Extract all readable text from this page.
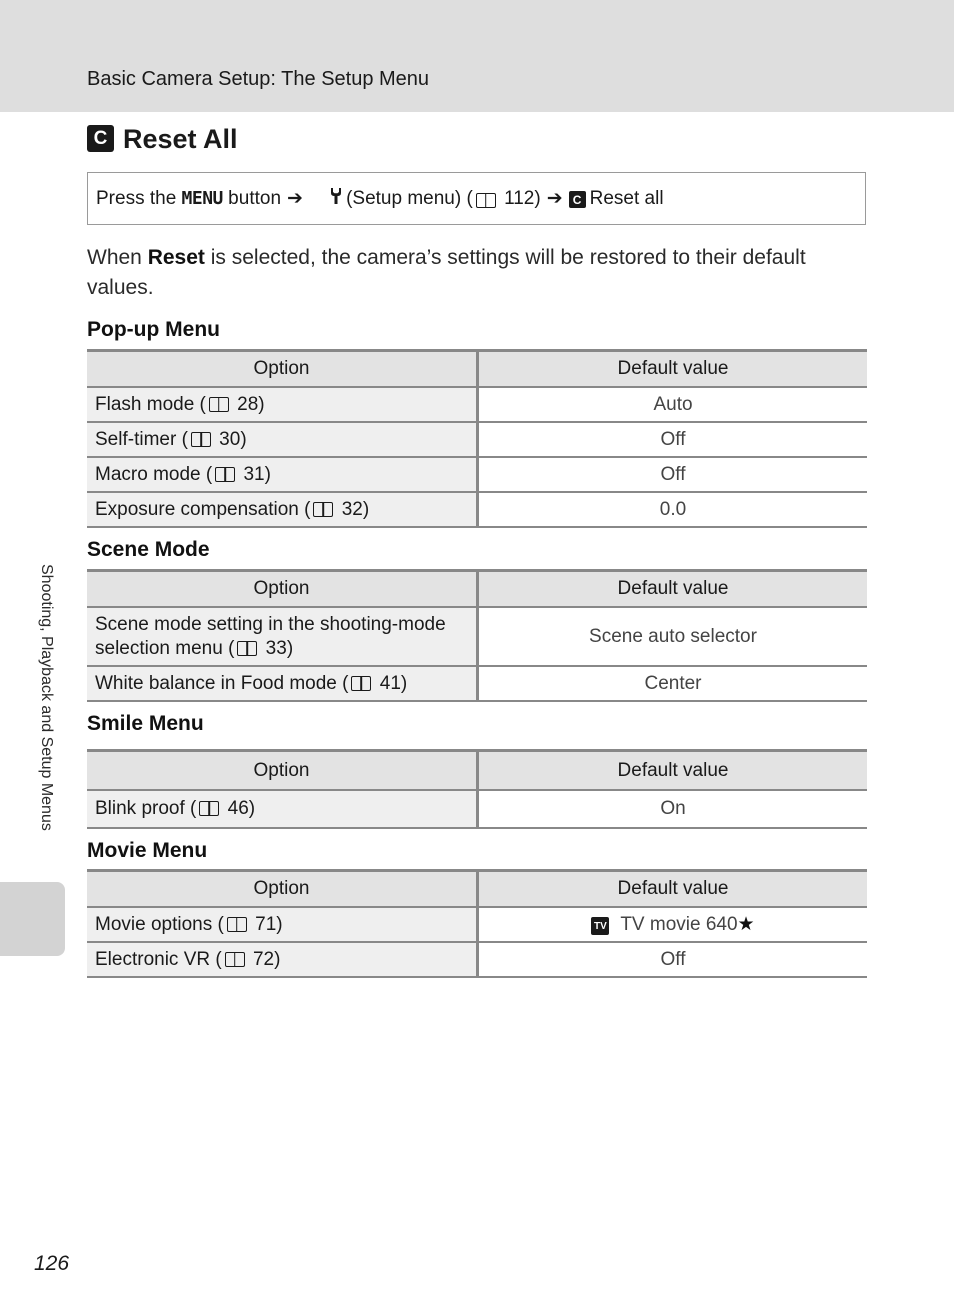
Basic Camera Setup: The Setup Menu
C Reset All
Press the MENU button ➔

(Setup menu) ( 112) ➔ C Reset all
When Reset is selected, the camera’s settings will be restored to their default values.
Pop-up Menu
Option	Default value
Flash mode ( 28)	Auto
Self-timer ( 30)	Off
Macro mode ( 31)	Off
Exposure compensation ( 32)	0.0
Scene Mode
Option	Default value
Scene mode setting in the shooting-mode selection menu ( 33)	Scene auto selector
White balance in Food mode ( 41)	Center
Smile Menu
Option	Default value
Blink proof ( 46)	On
Movie Menu
Option	Default value
Movie options ( 71)	TV TV movie 640★
Electronic VR ( 72)	Off
Shooting, Playback and Setup Menus
126
